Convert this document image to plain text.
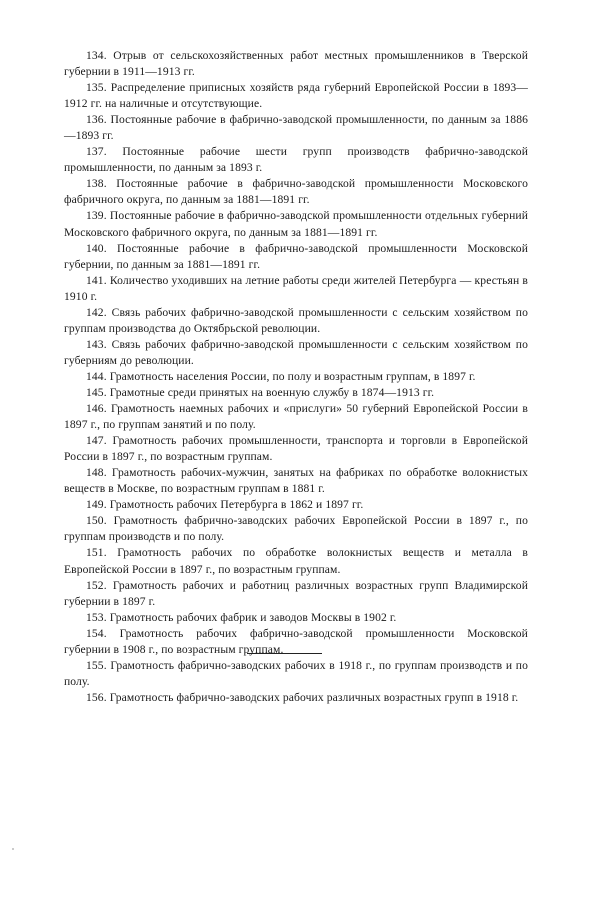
134. Отрыв от сельскохозяйственных работ местных промышленников в Тверской губернии в 1911—1913 гг.

135. Распределение приписных хозяйств ряда губерний Европейской России в 1893—1912 гг. на наличные и отсутствующие.

136. Постоянные рабочие в фабрично-заводской промышленности, по данным за 1886—1893 гг.

137. Постоянные рабочие шести групп производств фабрично-заводской промышленности, по данным за 1893 г.

138. Постоянные рабочие в фабрично-заводской промышленности Московского фабричного округа, по данным за 1881—1891 гг.

139. Постоянные рабочие в фабрично-заводской промышленности отдельных губерний Московского фабричного округа, по данным за 1881—1891 гг.

140. Постоянные рабочие в фабрично-заводской промышленности Московской губернии, по данным за 1881—1891 гг.

141. Количество уходивших на летние работы среди жителей Петербурга — крестьян в 1910 г.

142. Связь рабочих фабрично-заводской промышленности с сельским хозяйством по группам производства до Октябрьской революции.

143. Связь рабочих фабрично-заводской промышленности с сельским хозяйством по губерниям до революции.

144. Грамотность населения России, по полу и возрастным группам, в 1897 г.

145. Грамотные среди принятых на военную службу в 1874—1913 гг.

146. Грамотность наемных рабочих и «прислуги» 50 губерний Европейской России в 1897 г., по группам занятий и по полу.

147. Грамотность рабочих промышленности, транспорта и торговли в Европейской России в 1897 г., по возрастным группам.

148. Грамотность рабочих-мужчин, занятых на фабриках по обработке волокнистых веществ в Москве, по возрастным группам в 1881 г.

149. Грамотность рабочих Петербурга в 1862 и 1897 гг.

150. Грамотность фабрично-заводских рабочих Европейской России в 1897 г., по группам производств и по полу.

151. Грамотность рабочих по обработке волокнистых веществ и металла в Европейской России в 1897 г., по возрастным группам.

152. Грамотность рабочих и работниц различных возрастных групп Владимирской губернии в 1897 г.

153. Грамотность рабочих фабрик и заводов Москвы в 1902 г.

154. Грамотность рабочих фабрично-заводской промышленности Московской губернии в 1908 г., по возрастным группам.

155. Грамотность фабрично-заводских рабочих в 1918 г., по группам производств и по полу.

156. Грамотность фабрично-заводских рабочих различных возрастных групп в 1918 г.
